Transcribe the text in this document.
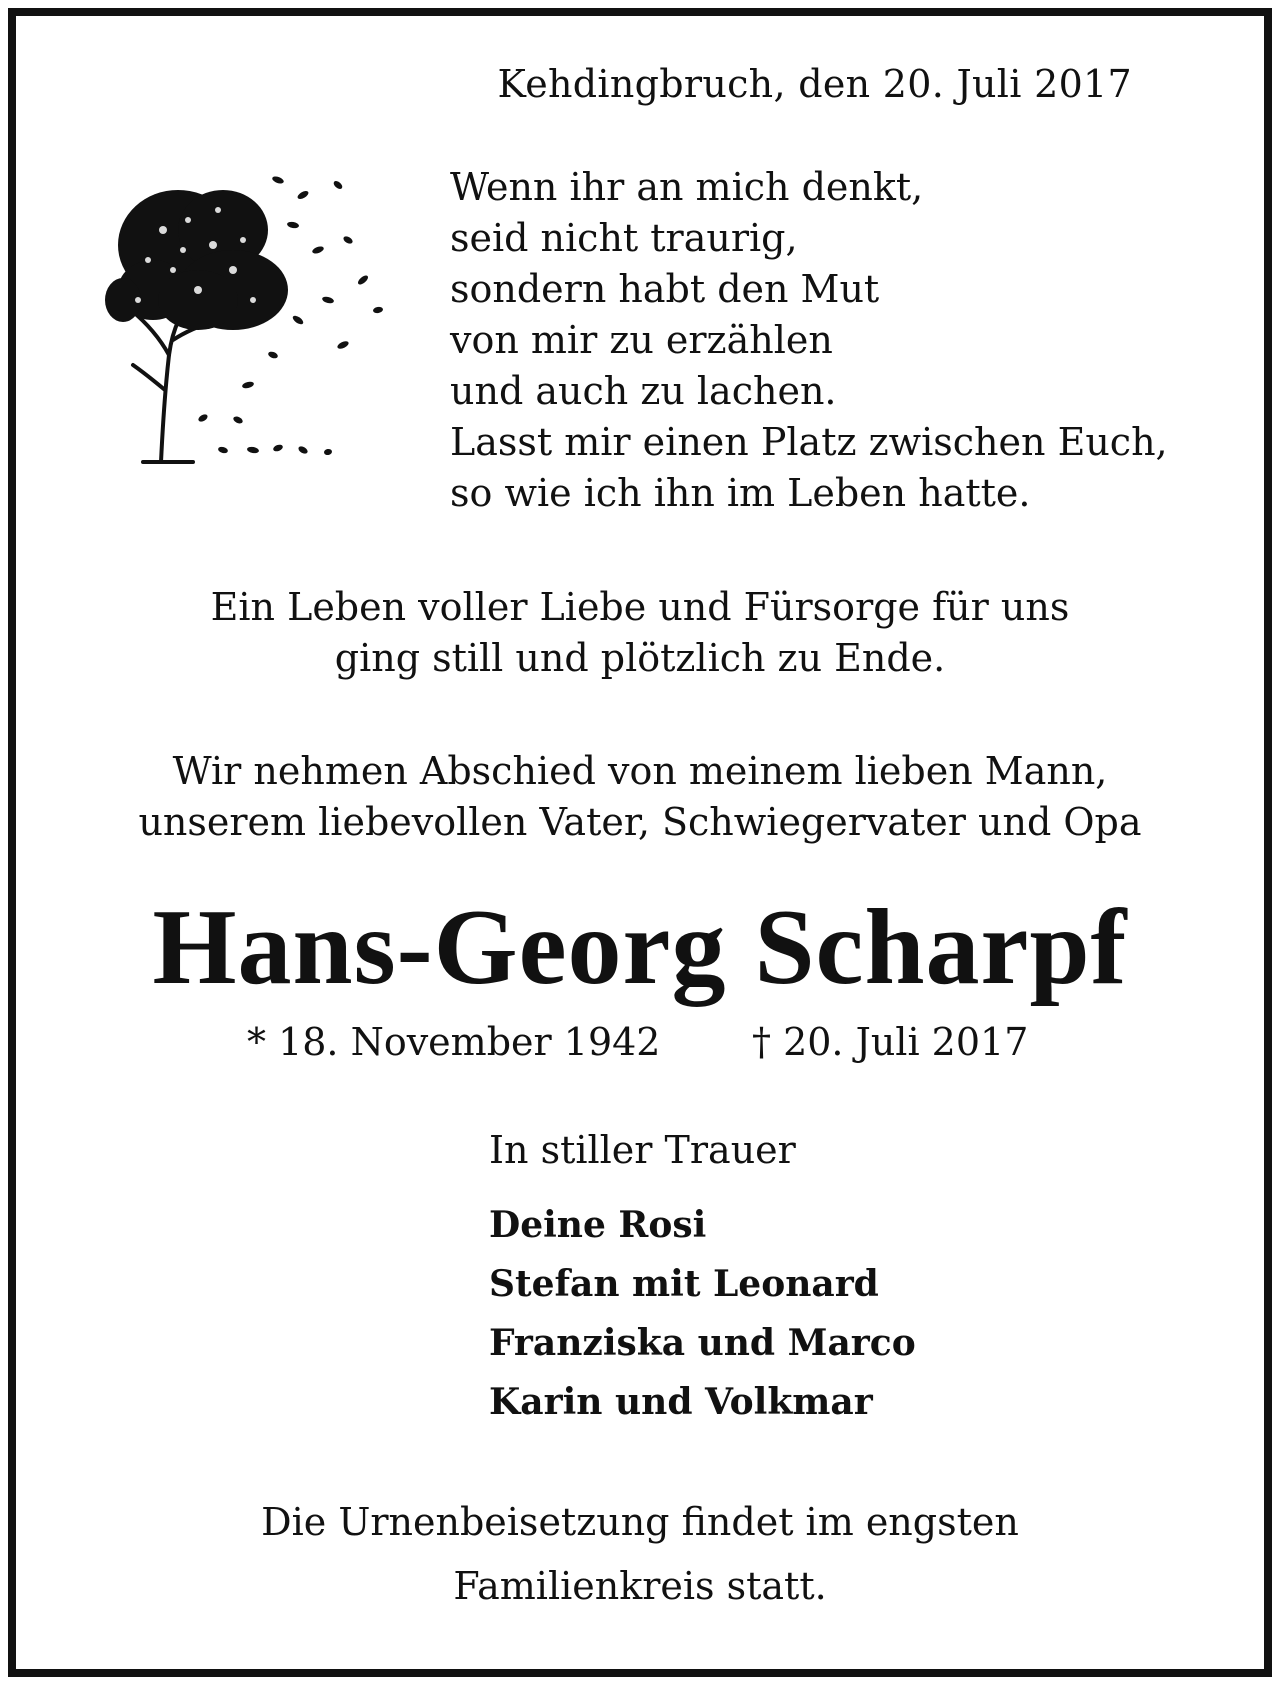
Kehdingbruch, den 20. Juli 2017
Wenn ihr an mich denkt,
seid nicht traurig,
sondern habt den Mut
von mir zu erzählen
und auch zu lachen.
Lasst mir einen Platz zwischen Euch,
so wie ich ihn im Leben hatte.
Ein Leben voller Liebe und Fürsorge für uns
ging still und plötzlich zu Ende.
Wir nehmen Abschied von meinem lieben Mann,
unserem liebevollen Vater, Schwiegervater und Opa
Hans-Georg Scharpf
* 18. November 1942 † 20. Juli 2017
In stiller Trauer
Deine Rosi
Stefan mit Leonard
Franziska und Marco
Karin und Volkmar
Die Urnenbeisetzung findet im engsten
Familienkreis statt.
